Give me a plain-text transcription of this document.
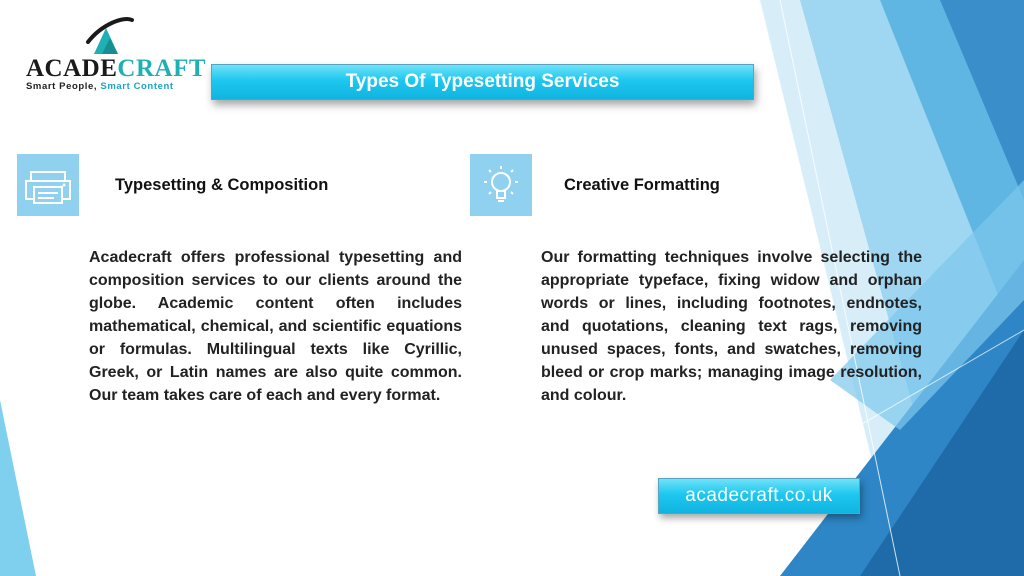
ACADECRAFT
Smart People, Smart Content	Types Of Typesetting Services
Typesetting & Composition
Acadecraft offers professional typesetting and composition services to our clients around the globe. Academic content often includes mathematical, chemical, and scientific equations or formulas. Multilingual texts like Cyrillic, Greek, or Latin names are also quite common. Our team takes care of each and every format.
Creative Formatting
Our formatting techniques involve selecting the appropriate typeface, fixing widow and orphan words or lines, including footnotes, endnotes, and quotations, cleaning text rags, removing unused spaces, fonts, and swatches, removing bleed or crop marks; managing image resolution, and colour.
acadecraft.co.uk
